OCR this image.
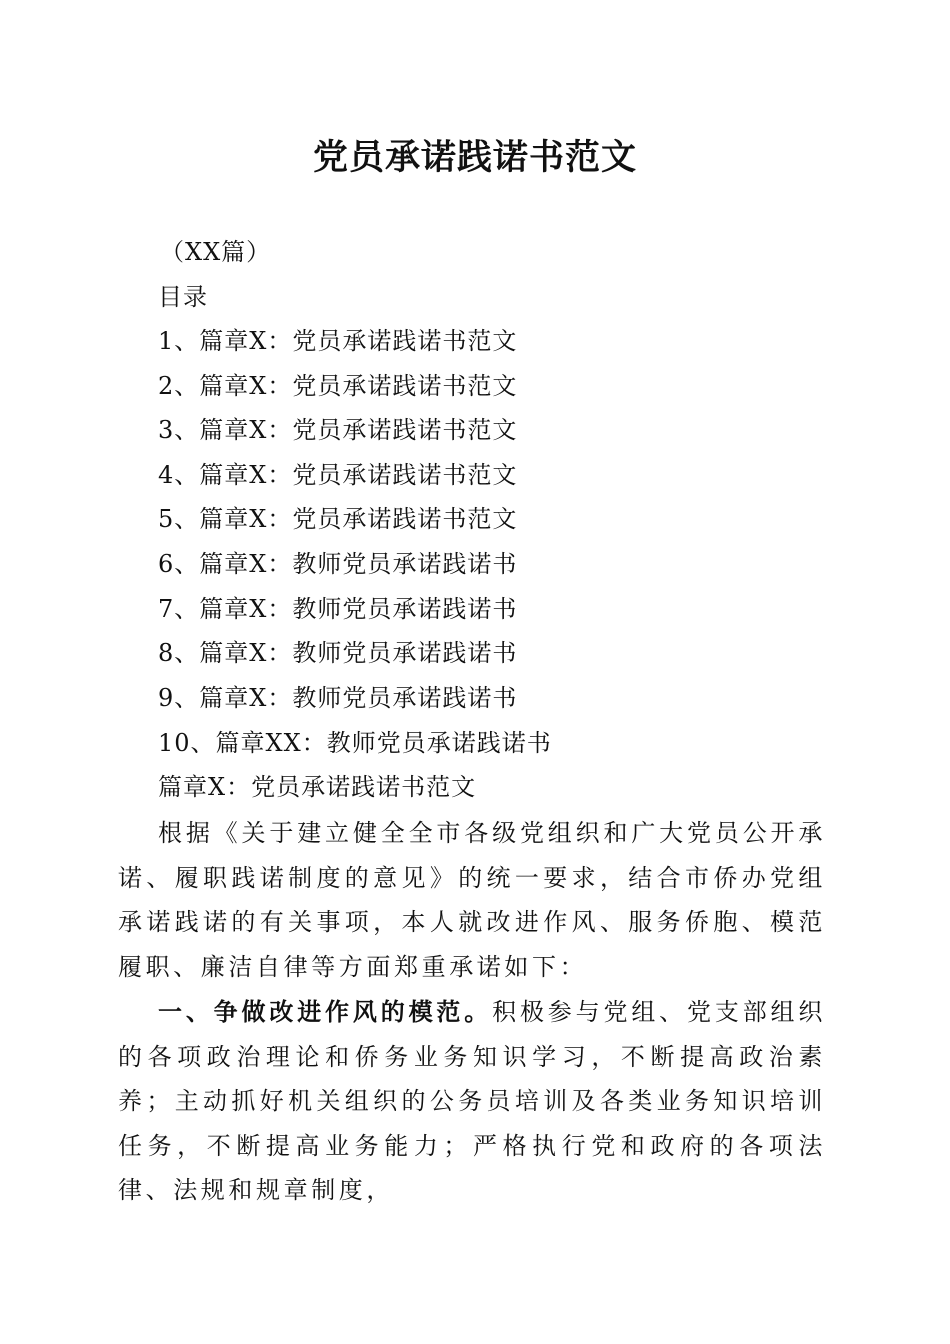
党员承诺践诺书范文
（XX篇）
目录
1、篇章X：党员承诺践诺书范文
2、篇章X：党员承诺践诺书范文
3、篇章X：党员承诺践诺书范文
4、篇章X：党员承诺践诺书范文
5、篇章X：党员承诺践诺书范文
6、篇章X：教师党员承诺践诺书
7、篇章X：教师党员承诺践诺书
8、篇章X：教师党员承诺践诺书
9、篇章X：教师党员承诺践诺书
10、篇章XX：教师党员承诺践诺书
篇章X：党员承诺践诺书范文
根据《关于建立健全全市各级党组织和广大党员公开承诺、履职践诺制度的意见》的统一要求，结合市侨办党组承诺践诺的有关事项，本人就改进作风、服务侨胞、模范履职、廉洁自律等方面郑重承诺如下：
一、争做改进作风的模范。积极参与党组、党支部组织的各项政治理论和侨务业务知识学习，不断提高政治素养；主动抓好机关组织的公务员培训及各类业务知识培训任务，不断提高业务能力；严格执行党和政府的各项法律、法规和规章制度，
